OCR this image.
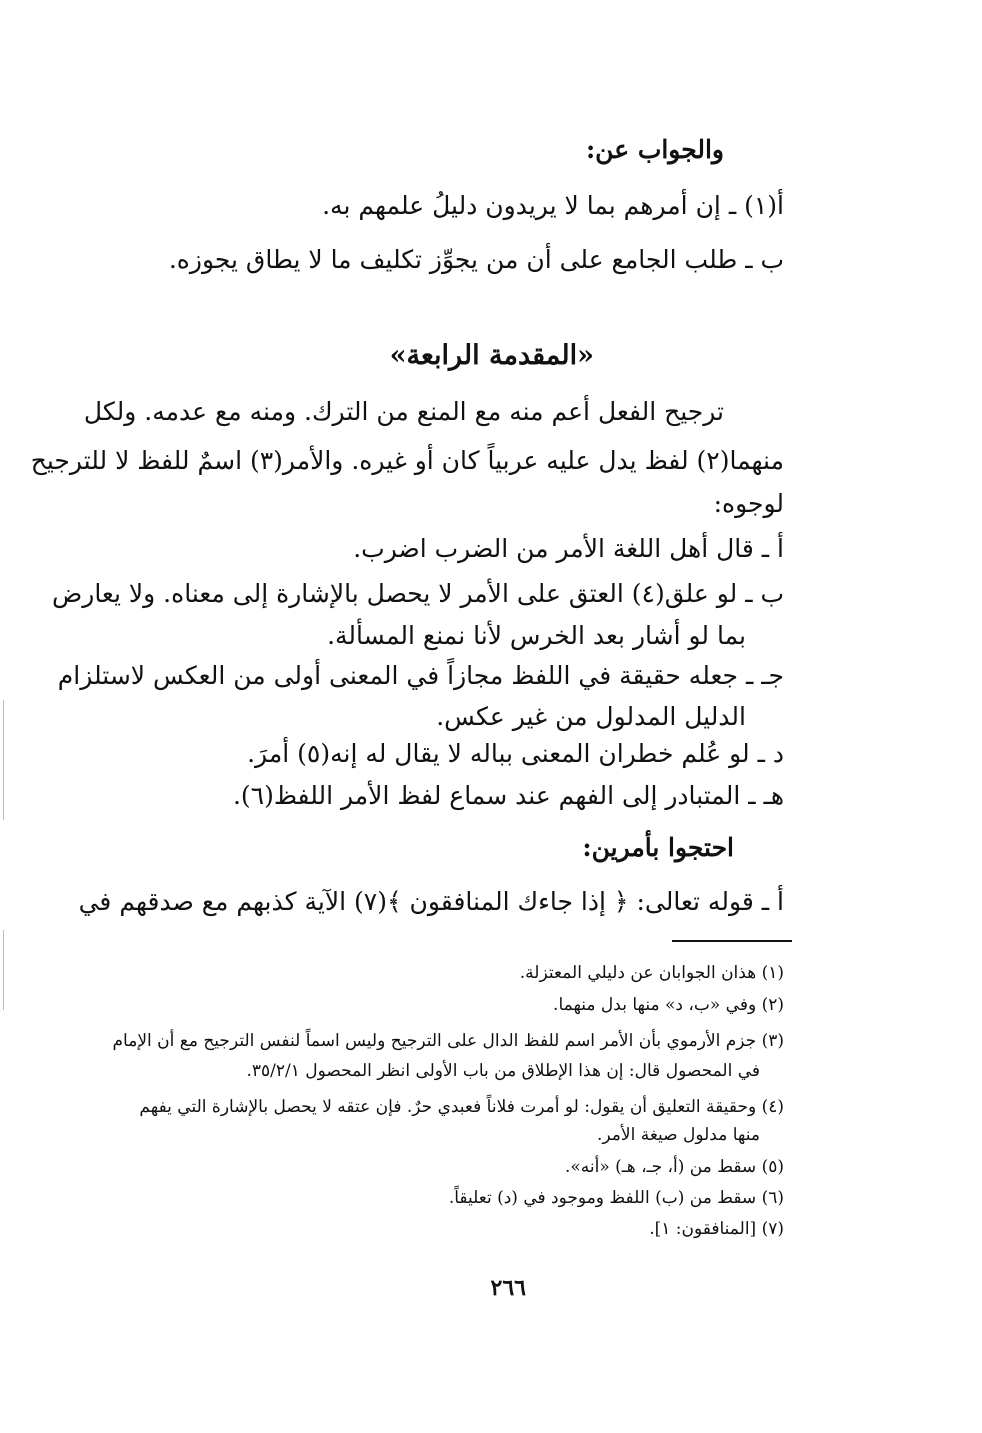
والجواب عن:
أ(١) ـ إن أمرهم بما لا يريدون دليلُ علمهم به.
ب ـ طلب الجامع على أن من يجوِّز تكليف ما لا يطاق يجوزه.
«المقدمة الرابعة»
ترجيح الفعل أعم منه مع المنع من الترك. ومنه مع عدمه. ولكل
منهما(٢) لفظ يدل عليه عربياً كان أو غيره. والأمر(٣) اسمٌ للفظ لا للترجيح
لوجوه:
أ ـ قال أهل اللغة الأمر من الضرب اضرب.
ب ـ لو علق(٤) العتق على الأمر لا يحصل بالإشارة إلى معناه. ولا يعارض
بما لو أشار بعد الخرس لأنا نمنع المسألة.
جـ ـ جعله حقيقة في اللفظ مجازاً في المعنى أولى من العكس لاستلزام
الدليل المدلول من غير عكس.
د ـ لو عُلم خطران المعنى بباله لا يقال له إنه(٥) أمرَ.
هـ ـ المتبادر إلى الفهم عند سماع لفظ الأمر اللفظ(٦).
احتجوا بأمرين:
أ ـ قوله تعالى: ﴿ إذا جاءك المنافقون ﴾(٧) الآية كذبهم مع صدقهم في
(١) هذان الجوابان عن دليلي المعتزلة.
(٢) وفي «ب، د» منها بدل منهما.
(٣) جزم الأرموي بأن الأمر اسم للفظ الدال على الترجيح وليس اسماً لنفس الترجيح مع أن الإمام
في المحصول قال: إن هذا الإطلاق من باب الأولى انظر المحصول ٣٥/٢/١.
(٤) وحقيقة التعليق أن يقول: لو أمرت فلاناً فعبدي حرٌ. فإن عتقه لا يحصل بالإشارة التي يفهم
منها مدلول صيغة الأمر.
(٥) سقط من (أ، جـ، هـ) «أنه».
(٦) سقط من (ب) اللفظ وموجود في (د) تعليقاً.
(٧) [المنافقون: ١].
٢٦٦
